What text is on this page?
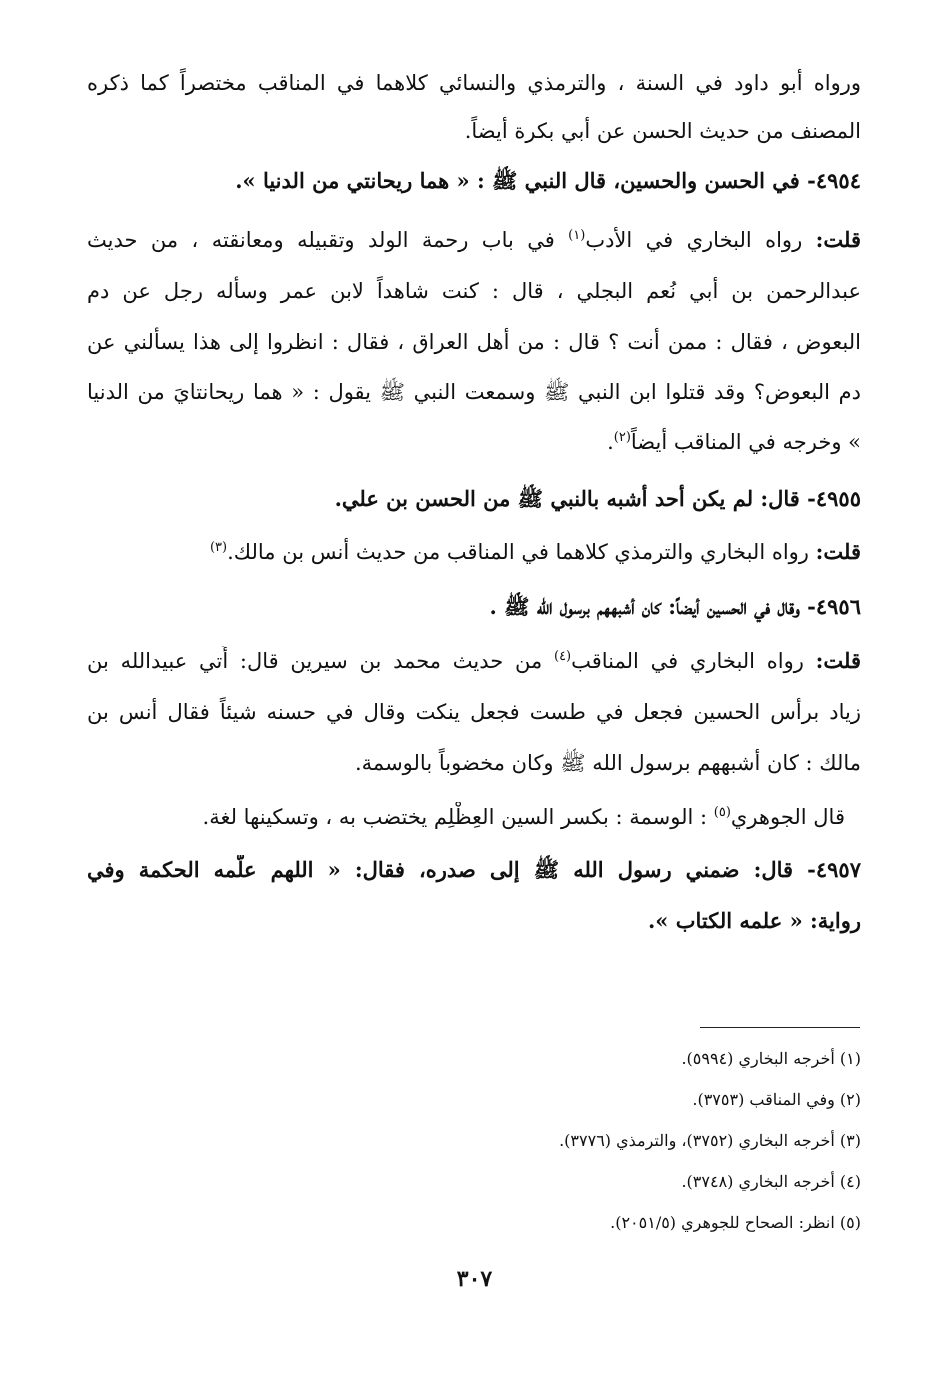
ورواه أبو داود في السنة ، والترمذي والنسائي كلاهما في المناقب مختصراً كما ذكره
المصنف من حديث الحسن عن أبي بكرة أيضاً.
٤٩٥٤- في الحسن والحسين، قال النبي ﷺ : « هما ريحانتي من الدنيا ».
قلت: رواه البخاري في الأدب$^{(١)}$ في باب رحمة الولد وتقبيله ومعانقته ، من حديث
عبدالرحمن بن أبي نُعم البجلي ، قال : كنت شاهداً لابن عمر وسأله رجل عن دم
البعوض ، فقال : ممن أنت ؟ قال : من أهل العراق ، فقال : انظروا إلى هذا يسألني عن
دم البعوض؟ وقد قتلوا ابن النبي ﷺ وسمعت النبي ﷺ يقول : « هما ريحانتايَ من الدنيا
» وخرجه في المناقب أيضاً$^{(٢)}$.
٤٩٥٥- قال: لم يكن أحد أشبه بالنبي ﷺ من الحسن بن علي.
قلت: رواه البخاري والترمذي كلاهما في المناقب من حديث أنس بن مالك.$^{(٣)}$
٤٩٥٦- وقال في الحسين أيضاً: كان أشبههم برسول الله ﷺ .
قلت: رواه البخاري في المناقب$^{(٤)}$ من حديث محمد بن سيرين قال: أُتي عبيدالله بن
زياد برأس الحسين فجعل في طست فجعل ينكت وقال في حسنه شيئاً فقال أنس بن
مالك : كان أشبههم برسول الله ﷺ وكان مخضوباً بالوسمة.
قال الجوهري$^{(٥)}$ : الوسمة : بكسر السين العِظْلِم يختضب به ، وتسكينها لغة.
٤٩٥٧- قال: ضمني رسول الله ﷺ إلى صدره، فقال: « اللهم علّمه الحكمة وفي
رواية: « علمه الكتاب ».
(١) أخرجه البخاري (٥٩٩٤).
(٢) وفي المناقب (٣٧٥٣).
(٣) أخرجه البخاري (٣٧٥٢)، والترمذي (٣٧٧٦).
(٤) أخرجه البخاري (٣٧٤٨).
(٥) انظر: الصحاح للجوهري (٢٠٥١/٥).
٣٠٧
